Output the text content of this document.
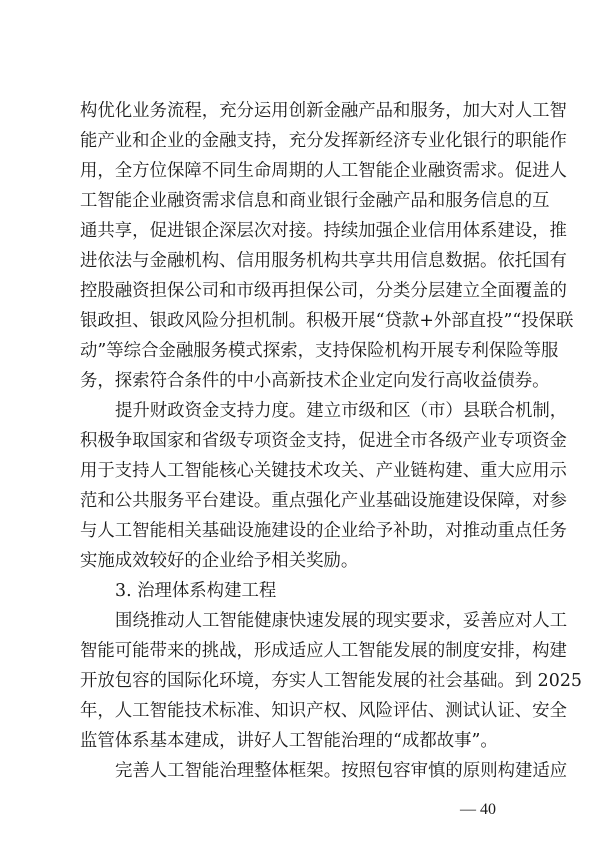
构优化业务流程，充分运用创新金融产品和服务，加大对人工智
能产业和企业的金融支持，充分发挥新经济专业化银行的职能作
用，全方位保障不同生命周期的人工智能企业融资需求。促进人
工智能企业融资需求信息和商业银行金融产品和服务信息的互
通共享，促进银企深层次对接。持续加强企业信用体系建设，推
进依法与金融机构、信用服务机构共享共用信息数据。依托国有
控股融资担保公司和市级再担保公司，分类分层建立全面覆盖的
银政担、银政风险分担机制。积极开展“贷款+外部直投”“投保联
动”等综合金融服务模式探索，支持保险机构开展专利保险等服
务，探索符合条件的中小高新技术企业定向发行高收益债券。
提升财政资金支持力度。建立市级和区（市）县联合机制，
积极争取国家和省级专项资金支持，促进全市各级产业专项资金
用于支持人工智能核心关键技术攻关、产业链构建、重大应用示
范和公共服务平台建设。重点强化产业基础设施建设保障，对参
与人工智能相关基础设施建设的企业给予补助，对推动重点任务
实施成效较好的企业给予相关奖励。
3. 治理体系构建工程
围绕推动人工智能健康快速发展的现实要求，妥善应对人工
智能可能带来的挑战，形成适应人工智能发展的制度安排，构建
开放包容的国际化环境，夯实人工智能发展的社会基础。到 2025
年，人工智能技术标准、知识产权、风险评估、测试认证、安全
监管体系基本建成，讲好人工智能治理的“成都故事”。
完善人工智能治理整体框架。按照包容审慎的原则构建适应
— 40
